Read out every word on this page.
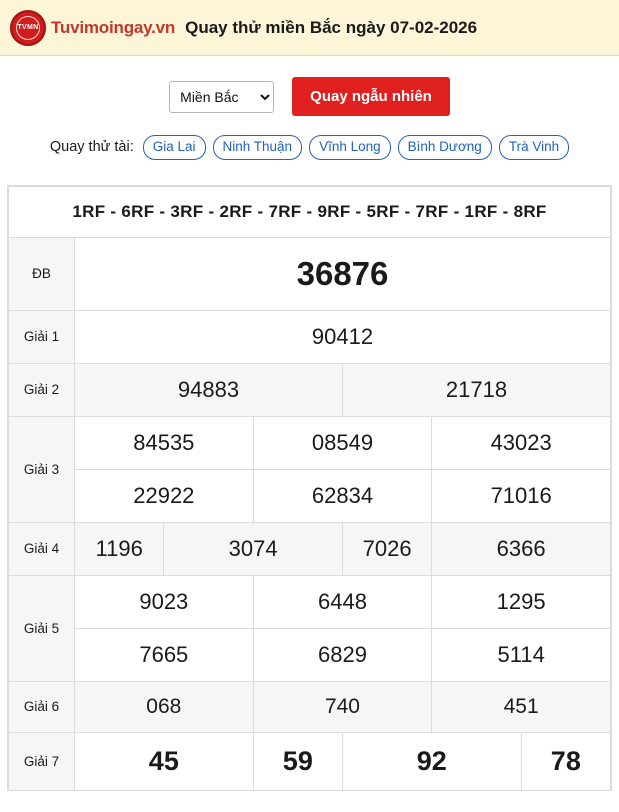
TVMN Tuvimoingay.vn Quay thử miền Bắc ngày 07-02-2026
Miền Bắc
Quay ngẫu nhiên
Quay thử tài:	Gia Lai	Ninh Thuận	Vĩnh Long	Bình Dương	Trà Vinh
1RF - 6RF - 3RF - 2RF - 7RF - 9RF - 5RF - 7RF - 1RF - 8RF						
ĐB	36876					
Giải 1	90412					
Giải 2	94883			21718		
Giải 3	84535		08549		43023	
	22922		62834		71016	
Giải 4	1196	3074		7026	6366	
Giải 5	9023		6448		1295	
	7665		6829		5114	
Giải 6	068		740		451	
Giải 7	45		59	92		78
